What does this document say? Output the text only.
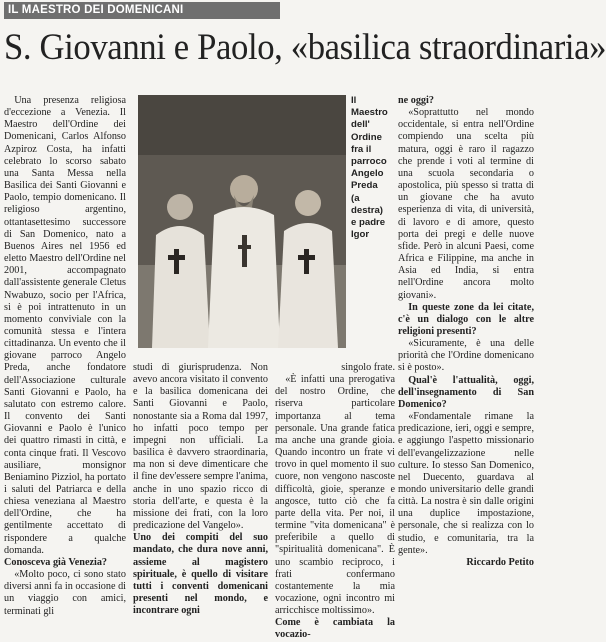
IL MAESTRO DEI DOMENICANI
S. Giovanni e Paolo, «basilica straordinaria»

Una presenza religiosa d'eccezione a Venezia. Il Maestro dell'Ordine dei Domenicani, Carlos Alfonso Azpiroz Costa, ha infatti celebrato lo scorso sabato una Santa Messa nella Basilica dei Santi Giovanni e Paolo, tempio domenicano. Il religioso argentino, ottantasettesimo successore di San Domenico, nato a Buenos Aires nel 1956 ed eletto Maestro dell'Ordine nel 2001, accompagnato dall'assistente generale Cletus Nwabuzo, socio per l'Africa, si è poi intrattenuto in un momento conviviale con la comunità stessa e l'intera cittadinanza. Un evento che il giovane parroco Angelo Preda, anche fondatore dell'Associazione culturale Santi Giovanni e Paolo, ha salutato con estremo calore. Il convento dei Santi Giovanni e Paolo è l'unico dei quattro rimasti in città, e conta cinque frati. Il Vescovo ausiliare, monsignor Beniamino Pizziol, ha portato i saluti del Patriarca e della chiesa veneziana al Maestro dell'Ordine, che ha gentilmente accettato di rispondere a qualche domanda.

Conosceva già Venezia?

«Molto poco, ci sono stato diversi anni fa in occasione di un viaggio con amici, terminati gli

Il
Maestro
dell'
Ordine
fra il
parroco
Angelo
Preda
(a
destra)
e padre
Igor

studi di giurisprudenza. Non avevo ancora visitato il convento e la basilica domenicana dei Santi Giovanni e Paolo, nonostante sia a Roma dal 1997, ho infatti poco tempo per impegni non ufficiali. La basilica è davvero straordinaria, ma non si deve dimenticare che il fine dev'essere sempre l'anima, anche in uno spazio ricco di storia dell'arte, e questa è la missione dei frati, con la loro predicazione del Vangelo».

Uno dei compiti del suo mandato, che dura nove anni, assieme al magistero spirituale, è quello di visitare tutti i conventi domenicani presenti nel mondo, e incontrare ogni

singolo frate.

«È infatti una prerogativa del nostro Ordine, che riserva particolare importanza al tema personale. Una grande fatica ma anche una grande gioia. Quando incontro un frate vi trovo in quel momento il suo cuore, non vengono nascoste difficoltà, gioie, speranze e angosce, tutto ciò che fa parte della vita. Per noi, il termine "vita domenicana" è preferibile a quello di "spiritualità domenicana". È uno scambio reciproco, i frati confermano costantemente la mia vocazione, ogni incontro mi arricchisce moltissimo».

Come è cambiata la vocazio-

ne oggi?

«Soprattutto nel mondo occidentale, si entra nell'Ordine compiendo una scelta più matura, oggi è raro il ragazzo che prende i voti al termine di una scuola secondaria o apostolica, più spesso si tratta di un giovane che ha avuto esperienza di vita, di università, di lavoro e di amore, questo porta dei pregi e delle nuove sfide. Però in alcuni Paesi, come Africa e Filippine, ma anche in Asia ed India, si entra nell'Ordine ancora molto giovani».

In queste zone da lei citate, c'è un dialogo con le altre religioni presenti?

«Sicuramente, è una delle priorità che l'Ordine domenicano si è posto».

Qual'è l'attualità, oggi, dell'insegnamento di San Domenico?

«Fondamentale rimane la predicazione, ieri, oggi e sempre, e aggiungo l'aspetto missionario dell'evangelizzazione nelle culture. Io stesso San Domenico, nel Duecento, guardava al mondo universitario delle grandi città. La nostra è sin dalle origini una duplice impostazione, personale, che si realizza con lo studio, e comunitaria, tra la gente».

Riccardo Petito
